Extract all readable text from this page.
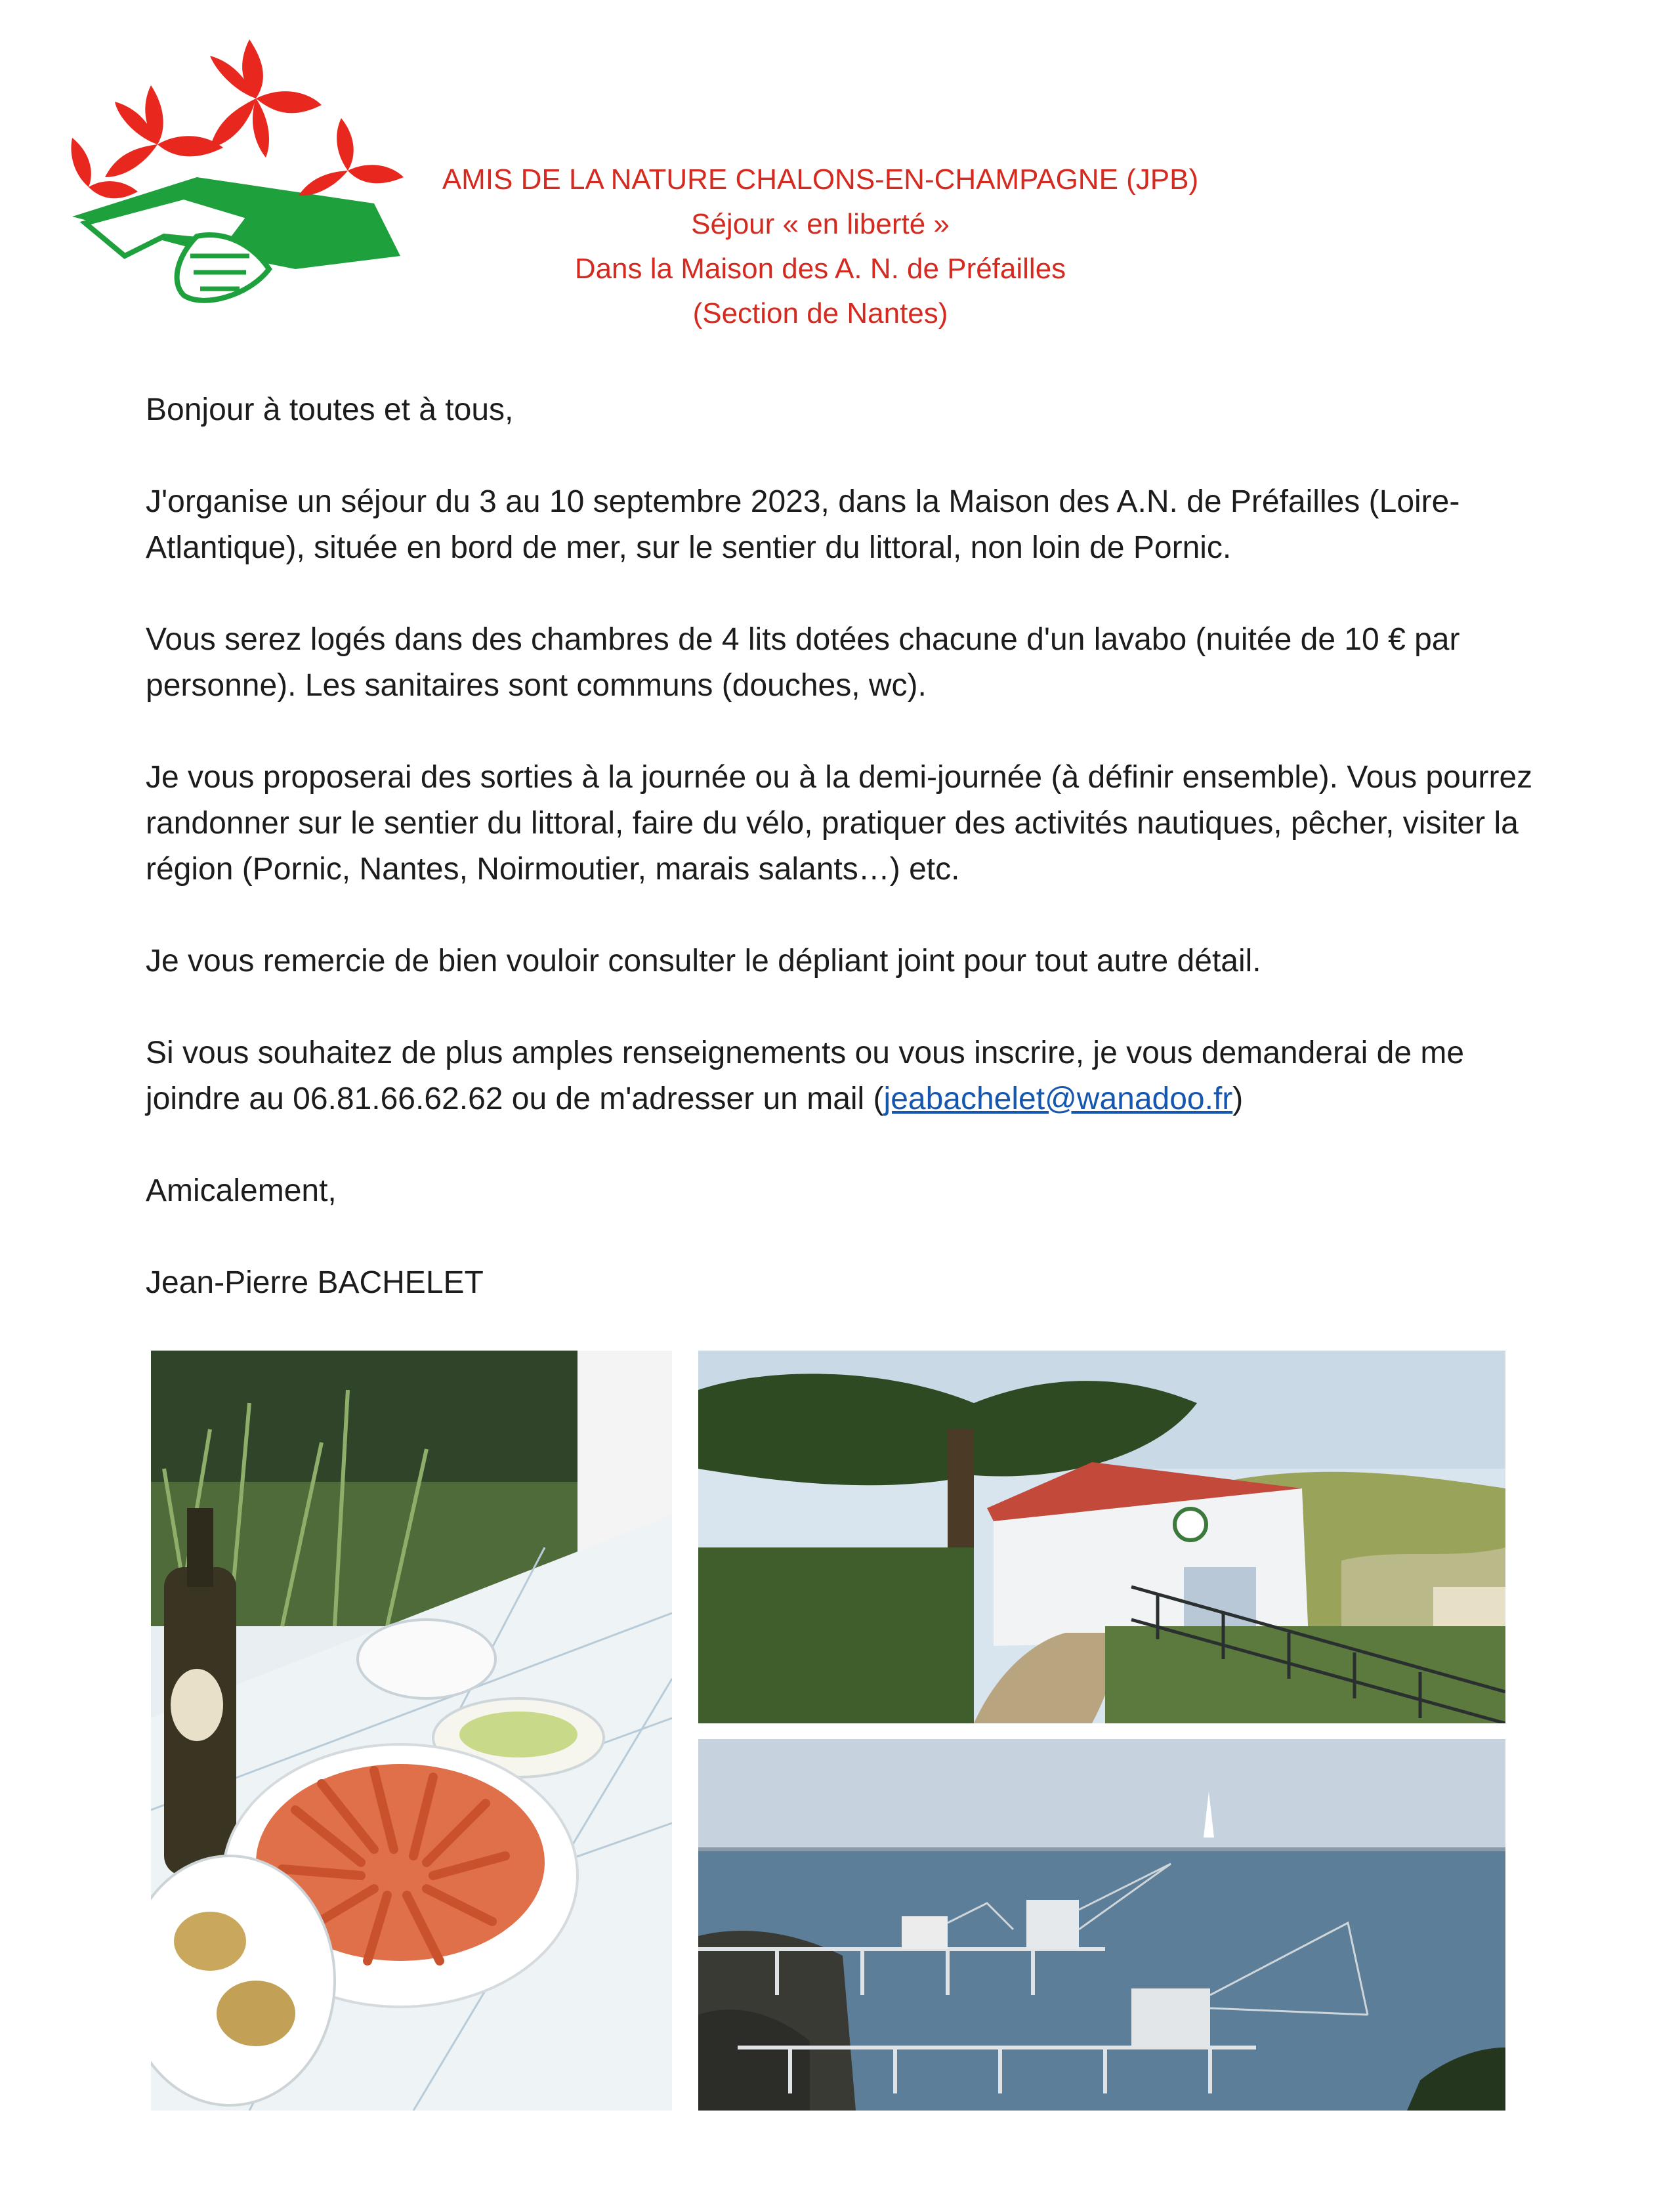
AMIS DE LA NATURE CHALONS-EN-CHAMPAGNE (JPB)
Séjour « en liberté »
Dans la Maison des A. N. de Préfailles
(Section de Nantes)

Bonjour à toutes et à tous,

J'organise un séjour du 3 au 10 septembre 2023, dans la Maison des A.N. de Préfailles (Loire-Atlantique), située en bord de mer, sur le sentier du littoral, non loin de Pornic.

Vous serez logés dans des chambres de 4 lits dotées chacune d'un lavabo (nuitée de 10 € par personne). Les sanitaires sont communs (douches, wc).

Je vous proposerai des sorties à la journée ou à la demi-journée (à définir ensemble). Vous pourrez randonner sur le sentier du littoral, faire du vélo, pratiquer des activités nautiques, pêcher, visiter la région (Pornic, Nantes, Noirmoutier, marais salants…) etc.

Je vous remercie de bien vouloir consulter le dépliant joint pour tout autre détail.

Si vous souhaitez de plus amples renseignements ou vous inscrire, je vous demanderai de me joindre au 06.81.66.62.62 ou de m'adresser un mail (jeabachelet@wanadoo.fr)

Amicalement,

Jean-Pierre BACHELET
